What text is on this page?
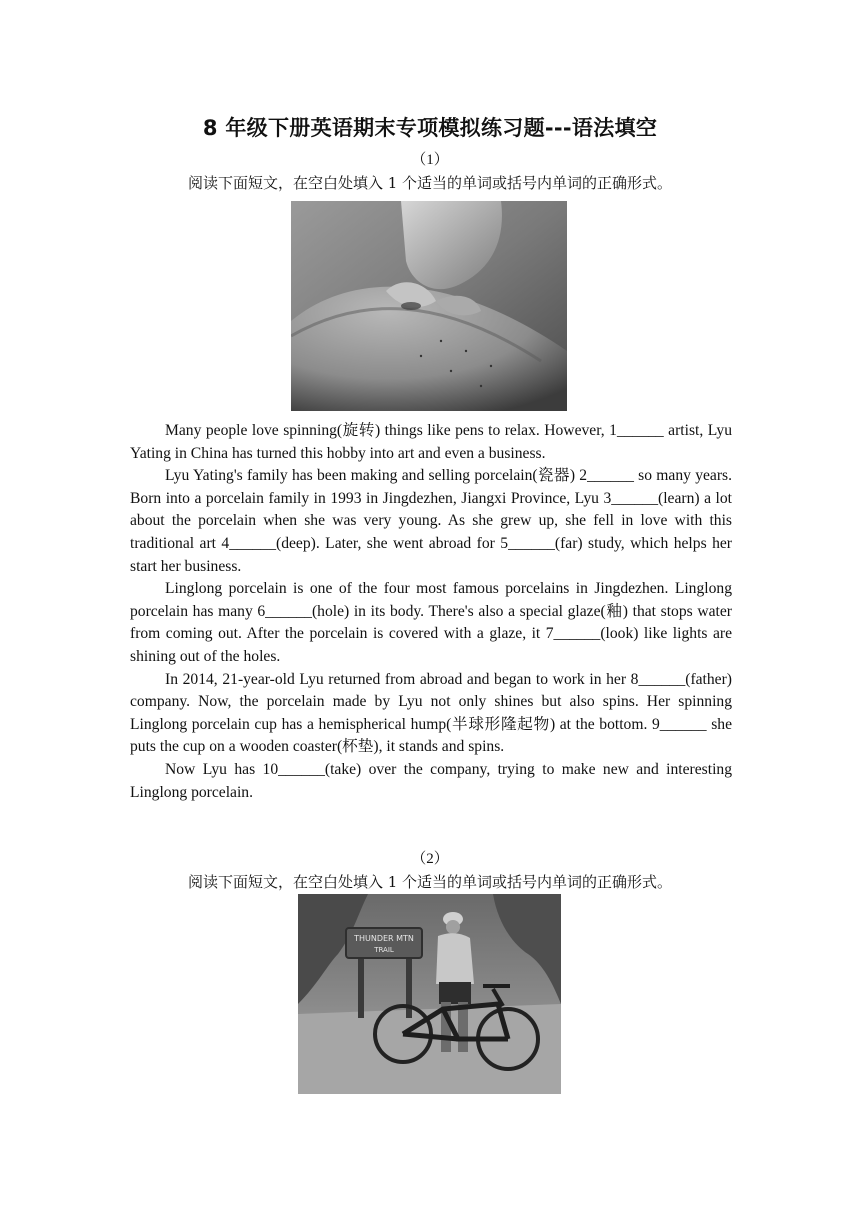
8 年级下册英语期末专项模拟练习题---语法填空
（1）
阅读下面短文，在空白处填入 1 个适当的单词或括号内单词的正确形式。

Many people love spinning(旋转) things like pens to relax. However, 1______ artist, Lyu Yating in China has turned this hobby into art and even a business.

Lyu Yating's family has been making and selling porcelain(瓷器) 2______ so many years. Born into a porcelain family in 1993 in Jingdezhen, Jiangxi Province, Lyu 3______(learn) a lot about the porcelain when she was very young. As she grew up, she fell in love with this traditional art 4______(deep). Later, she went abroad for 5______(far) study, which helps her start her business.

Linglong porcelain is one of the four most famous porcelains in Jingdezhen. Linglong porcelain has many 6______(hole) in its body. There's also a special glaze(釉) that stops water from coming out. After the porcelain is covered with a glaze, it 7______(look) like lights are shining out of the holes.

In 2014, 21-year-old Lyu returned from abroad and began to work in her 8______(father) company. Now, the porcelain made by Lyu not only shines but also spins. Her spinning Linglong porcelain cup has a hemispherical hump(半球形隆起物) at the bottom. 9______ she puts the cup on a wooden coaster(杯垫), it stands and spins.

Now Lyu has 10______(take) over the company, trying to make new and interesting Linglong porcelain.

（2）
阅读下面短文，在空白处填入 1 个适当的单词或括号内单词的正确形式。
THUNDER MTN
TRAIL
